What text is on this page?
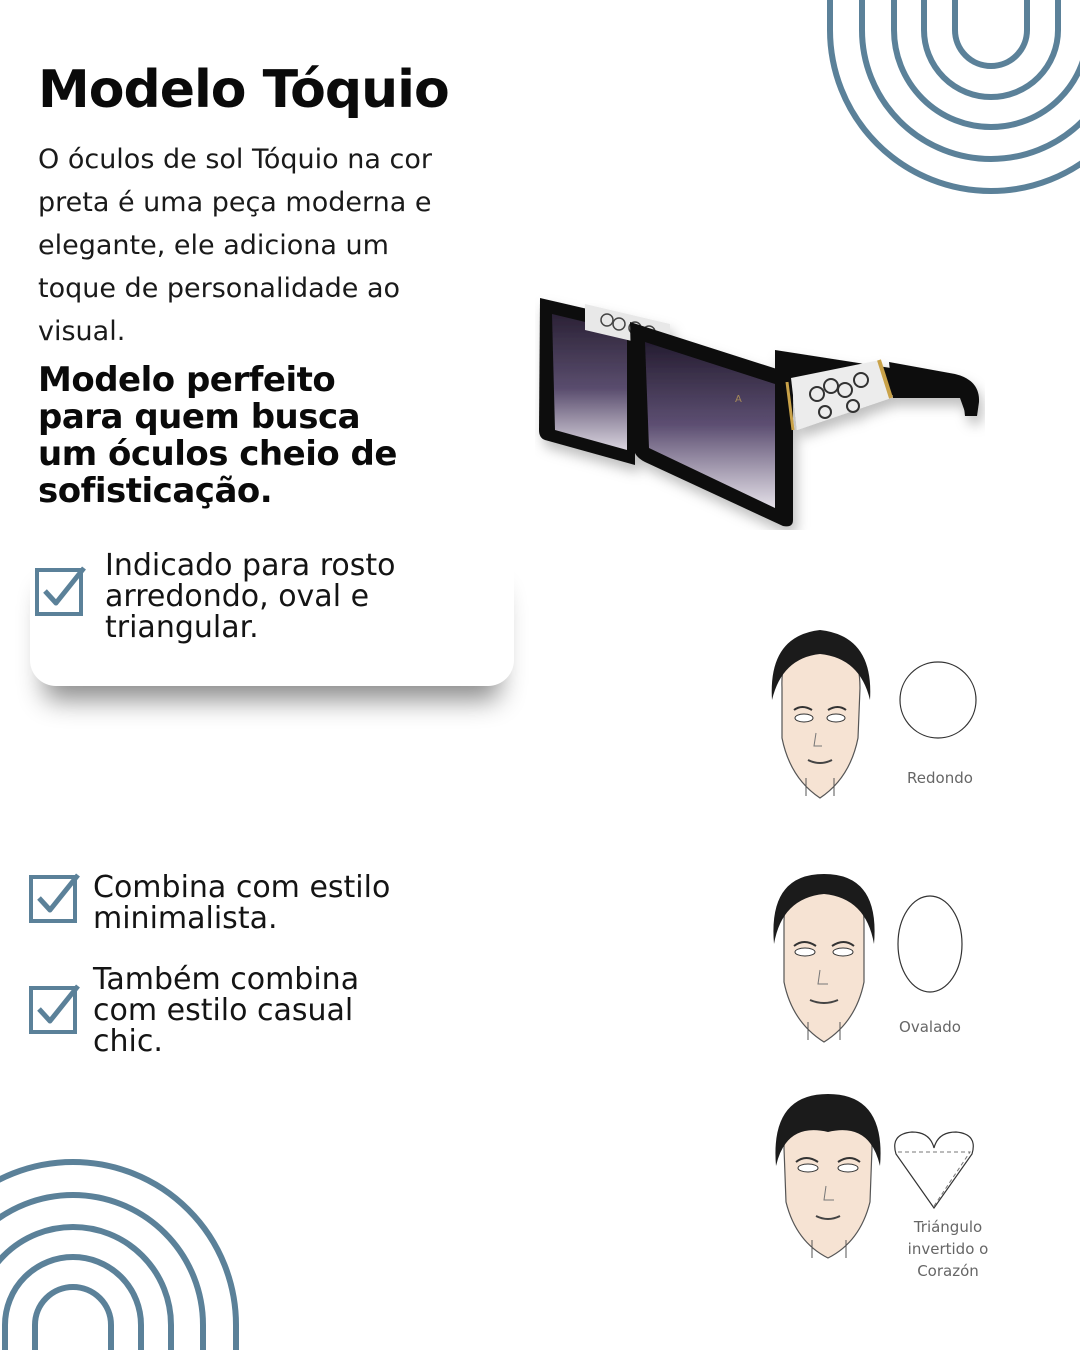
Modelo Tóquio
O óculos de sol Tóquio na cor preta é uma peça moderna e elegante, ele adiciona um toque de personalidade ao visual.
Modelo perfeito para quem busca um óculos cheio de sofisticação.
A
Indicado para rosto arredondo, oval e triangular.
Combina com estilo minimalista.
Também combina com estilo casual chic.
Redondo
Ovalado
Triángulo invertido o Corazón
